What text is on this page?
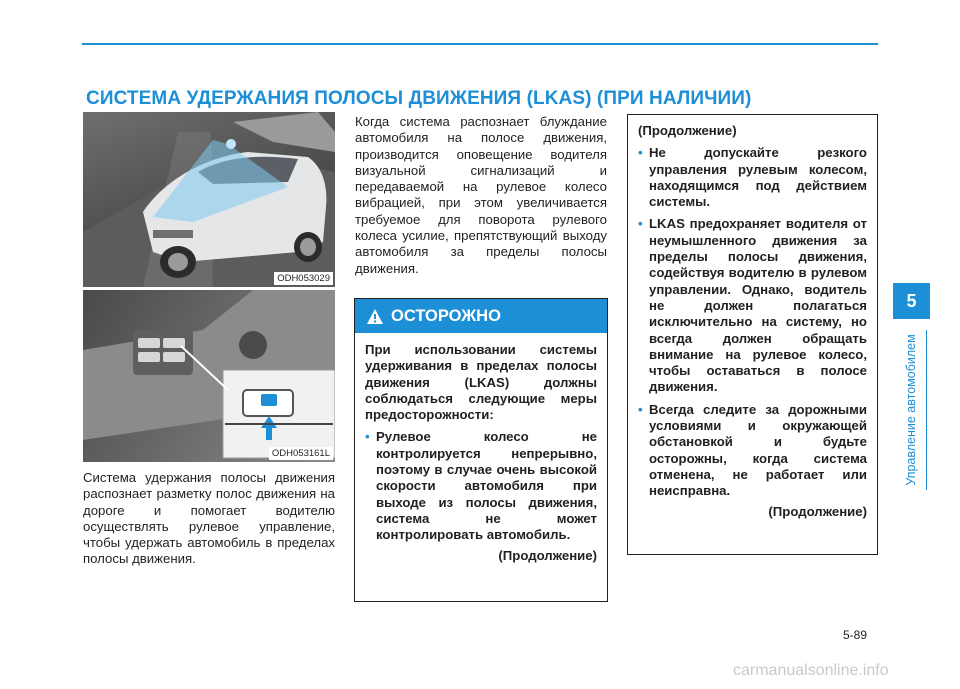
СИСТЕМА УДЕРЖАНИЯ ПОЛОСЫ ДВИЖЕНИЯ (LKAS) (ПРИ НАЛИЧИИ)
ODH053029
ODH053161L
Система удержания полосы движения распознает разметку полос движения на дороге и помогает водителю осуществлять рулевое управление, чтобы удержать автомобиль в пределах полосы движения.
Когда система распознает блуждание автомобиля на полосе движения, производится оповещение водителя визуальной сигнализаций и передаваемой на рулевое колесо вибрацией, при этом увеличивается требуемое для поворота рулевого колеса усилие, препятствующий выходу автомобиля за пределы полосы движения.
ОСТОРОЖНО
При использовании системы удерживания в пределах полосы движения (LKAS) должны соблюдаться следующие меры предосторожности:
• Рулевое колесо не контролируется непрерывно, поэтому в случае очень высокой скорости автомобиля при выходе из полосы движения, система не может контролировать автомобиль.
(Продолжение)
(Продолжение)
• Не допускайте резкого управления рулевым колесом, находящимся под действием системы.
• LKAS предохраняет водителя от неумышленного движения за пределы полосы движения, содействуя водителю в рулевом управлении. Однако, водитель не должен полагаться исключительно на систему, но всегда должен обращать внимание на рулевое колесо, чтобы оставаться в полосе движения.
• Всегда следите за дорожными условиями и окружающей обстановкой и будьте осторожны, когда система отменена, не работает или неисправна.
(Продолжение)
5
Управление автомобилем
5-89
carmanualsonline.info
